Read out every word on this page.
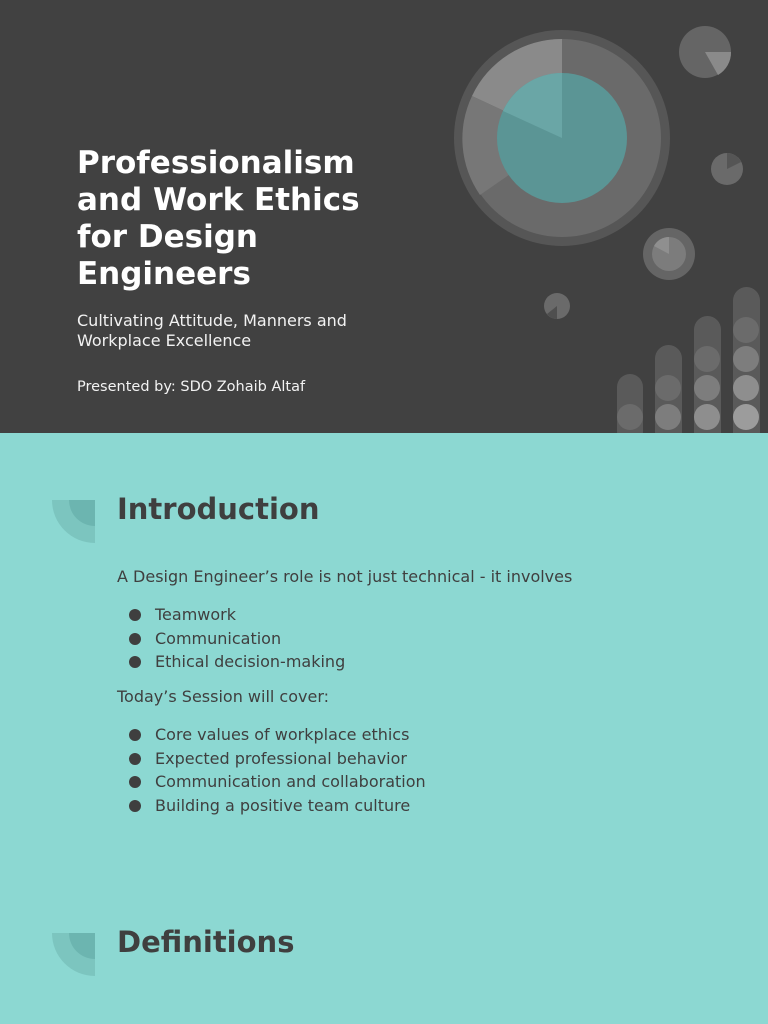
Professionalism and Work Ethics for Design Engineers

Cultivating Attitude, Manners and Workplace Excellence

Presented by: SDO Zohaib Altaf

Introduction

A Design Engineer’s role is not just technical - it involves

Teamwork
Communication
Ethical decision-making

Today’s Session will cover:

Core values of workplace ethics
Expected professional behavior
Communication and collaboration
Building a positive team culture
Definitions
